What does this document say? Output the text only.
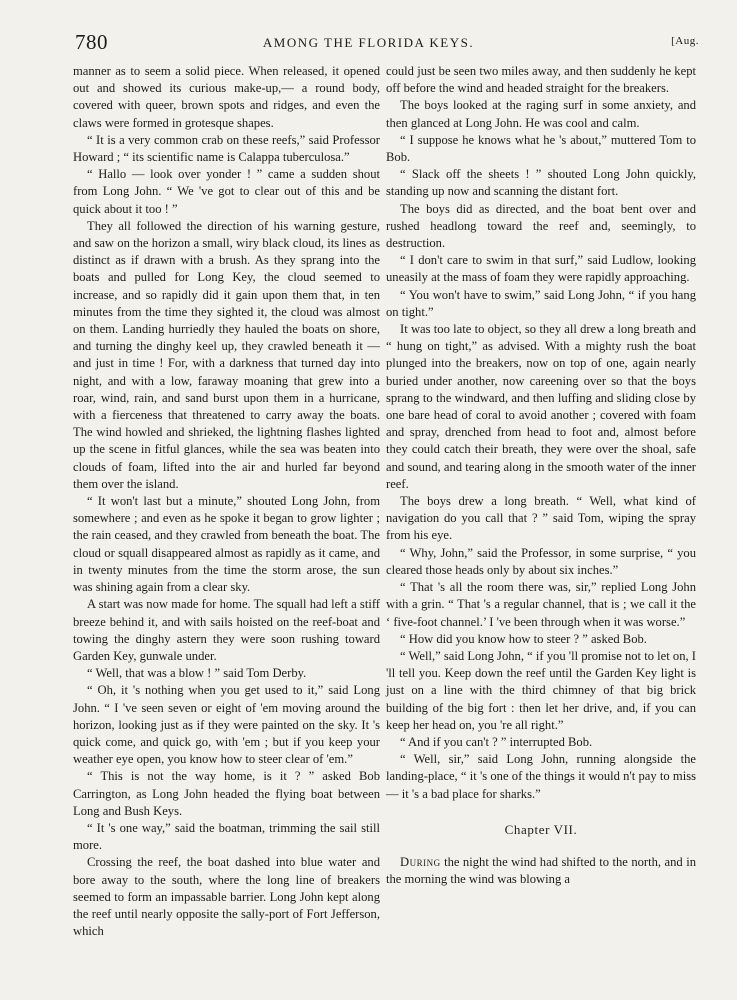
780	AMONG THE FLORIDA KEYS.	[Aug.

manner as to seem a solid piece. When released, it opened out and showed its curious make-up,— a round body, covered with queer, brown spots and ridges, and even the claws were formed in grotesque shapes.

“ It is a very common crab on these reefs,” said Professor Howard ; “ its scientific name is Calappa tuberculosa.”

“ Hallo — look over yonder ! ” came a sudden shout from Long John. “ We 've got to clear out of this and be quick about it too ! ”

They all followed the direction of his warning gesture, and saw on the horizon a small, wiry black cloud, its lines as distinct as if drawn with a brush. As they sprang into the boats and pulled for Long Key, the cloud seemed to increase, and so rapidly did it gain upon them that, in ten minutes from the time they sighted it, the cloud was almost on them. Landing hurriedly they hauled the boats on shore, and turning the dinghy keel up, they crawled beneath it — and just in time ! For, with a darkness that turned day into night, and with a low, faraway moaning that grew into a roar, wind, rain, and sand burst upon them in a hurricane, with a fierceness that threatened to carry away the boats. The wind howled and shrieked, the lightning flashes lighted up the scene in fitful glances, while the sea was beaten into clouds of foam, lifted into the air and hurled far beyond them over the island.

“ It won't last but a minute,” shouted Long John, from somewhere ; and even as he spoke it began to grow lighter ; the rain ceased, and they crawled from beneath the boat. The cloud or squall disappeared almost as rapidly as it came, and in twenty minutes from the time the storm arose, the sun was shining again from a clear sky.

A start was now made for home. The squall had left a stiff breeze behind it, and with sails hoisted on the reef-boat and towing the dinghy astern they were soon rushing toward Garden Key, gunwale under.

“ Well, that was a blow ! ” said Tom Derby.

“ Oh, it 's nothing when you get used to it,” said Long John. “ I 've seen seven or eight of 'em moving around the horizon, looking just as if they were painted on the sky. It 's quick come, and quick go, with 'em ; but if you keep your weather eye open, you know how to steer clear of 'em.”

“ This is not the way home, is it ? ” asked Bob Carrington, as Long John headed the flying boat between Long and Bush Keys.

“ It 's one way,” said the boatman, trimming the sail still more.

Crossing the reef, the boat dashed into blue water and bore away to the south, where the long line of breakers seemed to form an impassable barrier. Long John kept along the reef until nearly opposite the sally-port of Fort Jefferson, which

could just be seen two miles away, and then suddenly he kept off before the wind and headed straight for the breakers.

The boys looked at the raging surf in some anxiety, and then glanced at Long John. He was cool and calm.

“ I suppose he knows what he 's about,” muttered Tom to Bob.

“ Slack off the sheets ! ” shouted Long John quickly, standing up now and scanning the distant fort.

The boys did as directed, and the boat bent over and rushed headlong toward the reef and, seemingly, to destruction.

“ I don't care to swim in that surf,” said Ludlow, looking uneasily at the mass of foam they were rapidly approaching.

“ You won't have to swim,” said Long John, “ if you hang on tight.”

It was too late to object, so they all drew a long breath and “ hung on tight,” as advised. With a mighty rush the boat plunged into the breakers, now on top of one, again nearly buried under another, now careening over so that the boys sprang to the windward, and then luffing and sliding close by one bare head of coral to avoid another ; covered with foam and spray, drenched from head to foot and, almost before they could catch their breath, they were over the shoal, safe and sound, and tearing along in the smooth water of the inner reef.

The boys drew a long breath. “ Well, what kind of navigation do you call that ? ” said Tom, wiping the spray from his eye.

“ Why, John,” said the Professor, in some surprise, “ you cleared those heads only by about six inches.”

“ That 's all the room there was, sir,” replied Long John with a grin. “ That 's a regular channel, that is ; we call it the ‘ five-foot channel.’ I 've been through when it was worse.”

“ How did you know how to steer ? ” asked Bob.

“ Well,” said Long John, “ if you 'll promise not to let on, I 'll tell you. Keep down the reef until the Garden Key light is just on a line with the third chimney of that big brick building of the big fort : then let her drive, and, if you can keep her head on, you 're all right.”

“ And if you can't ? ” interrupted Bob.

“ Well, sir,” said Long John, running alongside the landing-place, “ it 's one of the things it would n't pay to miss — it 's a bad place for sharks.”

Chapter VII.

During the night the wind had shifted to the north, and in the morning the wind was blowing a
